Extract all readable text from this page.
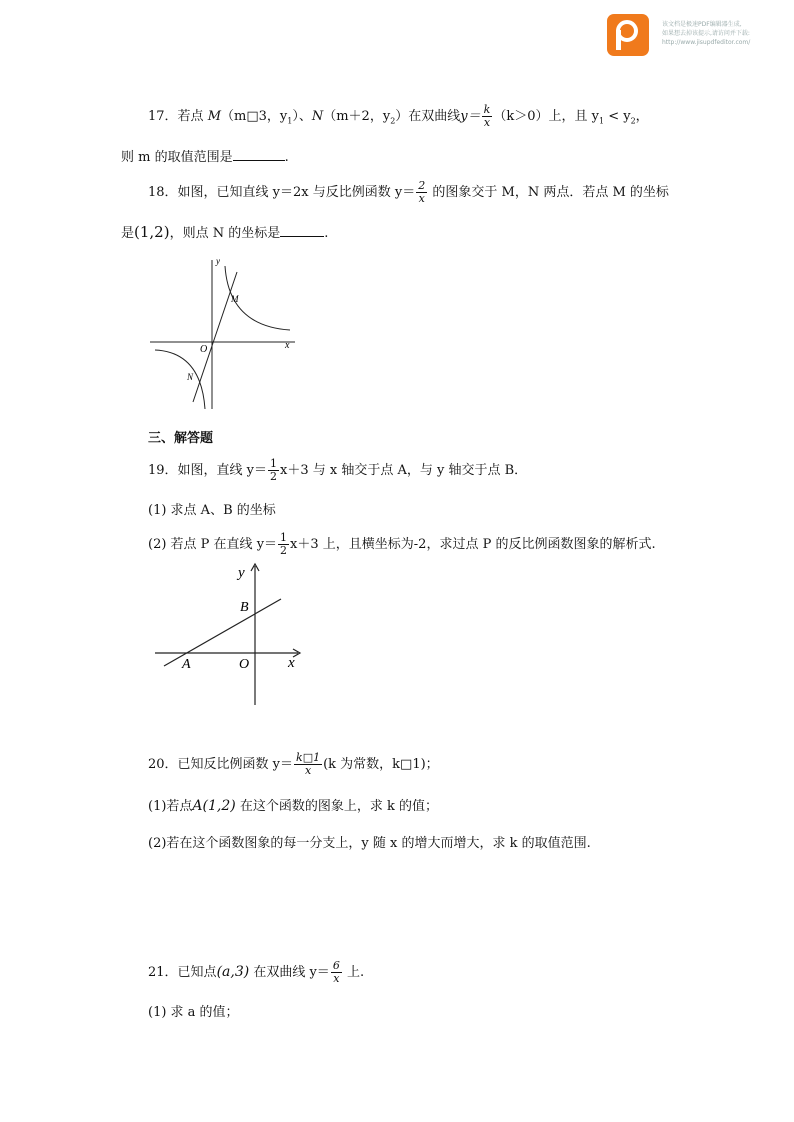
该文档是极速PDF编辑器生成,
如果想去掉该提示,请访问并下载:
http://www.jisupdfeditor.com/
17．若点 M（m□3，$y_1$）、N（m＋2，$y_2$）在双曲线$y= \frac{k}{x} (k>0)$上，且 $y_1 < y_2$，
则 m 的取值范围是	.
18．如图，已知直线 y＝2x 与反比例函数 $y= \frac{2}{x}$ 的图象交于 M，N 两点．若点 M 的坐标
是(1,2)，则点 N 的坐标是	.
y
x
O
M
N
三、解答题
19．如图，直线 $y= \frac{1}{2} x+3$ 与 x 轴交于点 A，与 y 轴交于点 B．
(1) 求点 A、B 的坐标
(2) 若点 P 在直线 $y= \frac{1}{2} x+3$ 上，且横坐标为-2，求过点 P 的反比例函数图象的解析式.
y
x
O
A
B
20．已知反比例函数 $y= \frac{k□1}{x} (k$ 为常数，k□1)；
(1)若点A(1,2) 在这个函数的图象上，求 k 的值；
(2)若在这个函数图象的每一分支上，y 随 x 的增大而增大，求 k 的取值范围.
21．已知点(a,3) 在双曲线 $y= \frac{6}{x}$ 上.
(1) 求 a 的值；
